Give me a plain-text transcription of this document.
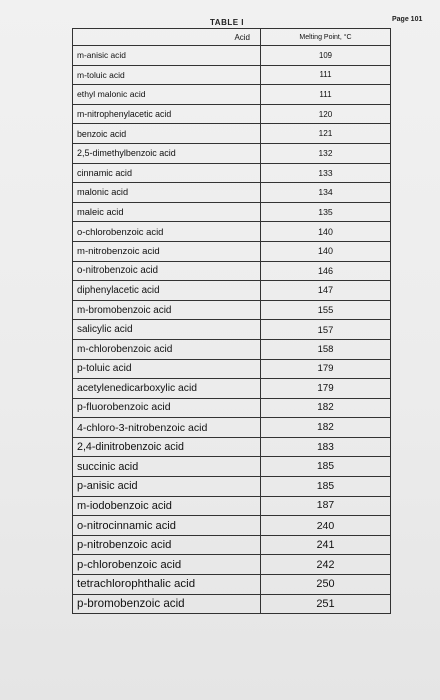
Page 101
TABLE I
Acid	Melting Point, °C
m-anisic acid	109
m-toluic acid	111
ethyl malonic acid	111
m-nitrophenylacetic acid	120
benzoic acid	121
2,5-dimethylbenzoic acid	132
cinnamic acid	133
malonic acid	134
maleic acid	135
o-chlorobenzoic acid	140
m-nitrobenzoic acid	140
o-nitrobenzoic acid	146
diphenylacetic acid	147
m-bromobenzoic acid	155
salicylic acid	157
m-chlorobenzoic acid	158
p-toluic acid	179
acetylenedicarboxylic acid	179
p-fluorobenzoic acid	182
4-chloro-3-nitrobenzoic acid	182
2,4-dinitrobenzoic acid	183
succinic acid	185
p-anisic acid	185
m-iodobenzoic acid	187
o-nitrocinnamic acid	240
p-nitrobenzoic acid	241
p-chlorobenzoic acid	242
tetrachlorophthalic acid	250
p-bromobenzoic acid	251
